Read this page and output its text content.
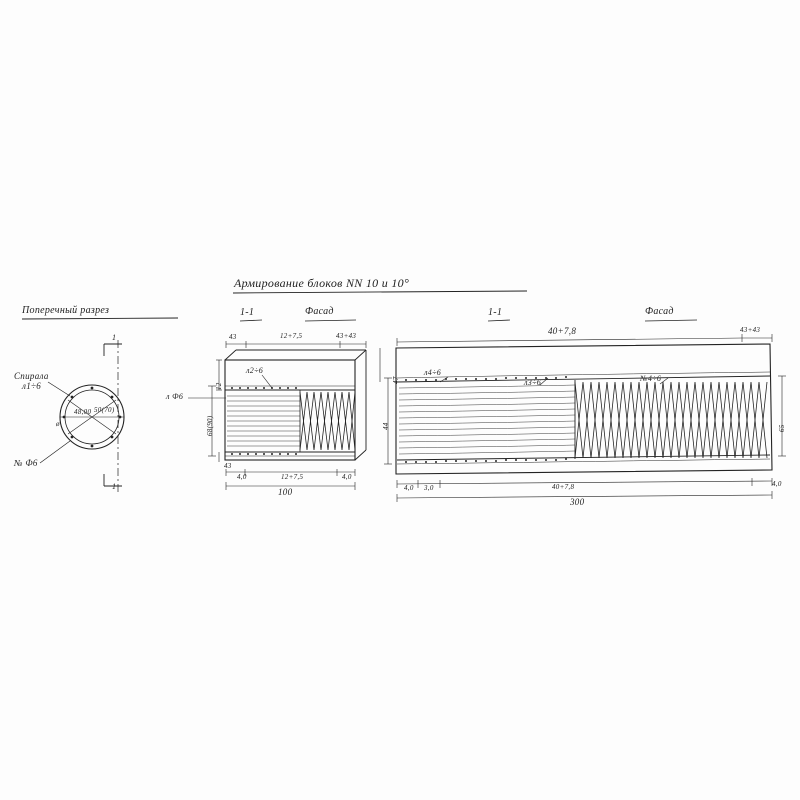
Армирование блоков NN 10 и 10°
Поперечный разрез
Спирала
л1÷6
№ Ф6
48,00 50(70)
ø
1
1
1-1	Фасад
43	12+7,5	43+43
л2÷6
л Ф6
68(90)
12
43
4,0	12+7,5	4,0
100
1-1	Фасад
40+7,8	43+43
л4÷6
л3÷6	№4÷6
44
47
65
4,0 3,0	40+7,8	4,0
300
